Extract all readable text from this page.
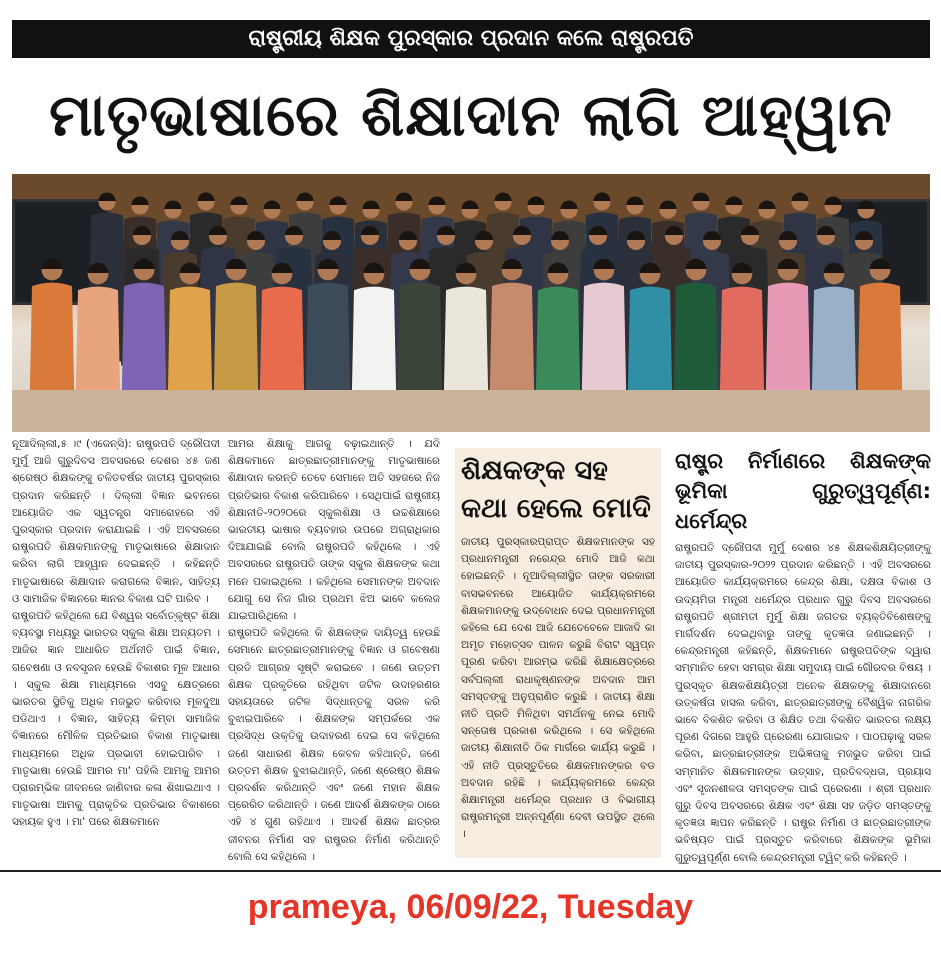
ରାଷ୍ଟ୍ରୀୟ ଶିକ୍ଷକ ପୁରସ୍କାର ପ୍ରଦାନ କଲେ ରାଷ୍ଟ୍ରପତି
ମାତୃଭାଷାରେ ଶିକ୍ଷାଦାନ ଲାଗି ଆହ୍ୱାନ

ନୂଆଦିଲ୍ଲୀ,୫ ।୯ (ଏଜେନ୍ସି): ରାଷ୍ଟ୍ରପତି ଦ୍ରୌପଦୀ ମୁର୍ମୁ ଆଜି ଗୁରୁଦିବସ ଅବସରରେ ଦେଶର ୪୫ ଜଣ ଶ୍ରେଷ୍ଠ ଶିକ୍ଷକଙ୍କୁ ଚଳିତବର୍ଷର ଜାତୀୟ ପୁରସ୍କାର ପ୍ରଦାନ କରିଛନ୍ତି । ଦିଲ୍ଲୀ ବିଜ୍ଞାନ ଭବନରେ ଆୟୋଜିତ ଏକ ସ୍ୱତନ୍ତ୍ର ସମାରୋହରେ ଏହି ପୁରସ୍କାର ପ୍ରଦାନ କରାଯାଇଛି । ଏହି ଅବସରରେ ରାଷ୍ଟ୍ରପତି ଶିକ୍ଷକମାନଙ୍କୁ ମାତୃଭାଷାରେ ଶିକ୍ଷାଦାନ କରିବା ଲାଗି ଆହ୍ୱାନ ଦେଇଛନ୍ତି । କହିଛନ୍ତି ମାତୃଭାଷାରେ ଶିକ୍ଷାଦାନ କରାଗଲେ ବିଜ୍ଞାନ, ସାହିତ୍ୟ ଓ ସାମାଜିକ ବିଜ୍ଞାନରେ ଜ୍ଞାନର ବିକାଶ ଘଟି ପାରିବ ।

ରାଷ୍ଟ୍ରପତି କହିଥିଲେ ଯେ ବିଶ୍ୱର ସର୍ବୋତ୍କୃଷ୍ଟ ଶିକ୍ଷା ବ୍ୟବସ୍ଥା ମଧ୍ୟରୁ ଭାରତର ସ୍କୁଲ ଶିକ୍ଷା ଅନ୍ୟତମ । ଆଜିର ଜ୍ଞାନ ଆଧାରିତ ଅର୍ଥନୀତି ପାଇଁ ବିଜ୍ଞାନ, ଗବେଷଣା ଓ ନବସୃଜନ ହେଉଛି ବିକାଶର ମୂଳ ଆଧାର । ସ୍କୁଲ ଶିକ୍ଷା ମାଧ୍ୟମରେ ଏସବୁ କ୍ଷେତ୍ରରେ ଭାରତର ସ୍ଥିତିକୁ ଅଧିକ ମଜଭୁତ କରିବାର ମୂଳଦୁଆ ପଡିଥାଏ । ବିଜ୍ଞାନ, ସାହିତ୍ୟ କିମ୍ବା ସାମାଜିକ ବିଜ୍ଞାନରେ ମୌଳିକ ପ୍ରତିଭାର ବିକାଶ ମାତୃଭାଷା ମାଧ୍ୟମରେ ଅଧିକ ପ୍ରଭାବୀ ହୋଇପାରିବ । ମାତୃଭାଷା ହେଉଛି ଆମର ମା' ପହିଲି ଆମକୁ ଆମର ପ୍ରାରମ୍ଭିକ ଜୀବନରେ ଜାଣିବାର କଳା ଶିଖାଇଥାଏ । ମାତୃଭାଷା ଆମକୁ ପ୍ରାକୃତିକ ପ୍ରତିଭାର ବିକାଶରେ ସହାୟକ ହୁଏ । ମା' ପରେ ଶିକ୍ଷକମାନେ

ଆମର ଶିକ୍ଷାକୁ ଆଗକୁ ବଢ଼ାଇଥାନ୍ତି । ଯଦି ଶିକ୍ଷକମାନେ ଛାତ୍ରଛାତ୍ରୀମାନଙ୍କୁ ମାତୃଭାଷାରେ ଶିକ୍ଷାଦାନ କରନ୍ତି ତେବେ ସେମାନେ ଅତି ସହଜରେ ନିଜ ପ୍ରତିଭାର ବିକାଶ କରିପାରିବେ । ସେଥିପାଇଁ ରାଷ୍ଟ୍ରୀୟ ଶିକ୍ଷାନୀତି-୨୦୨୦ରେ ସ୍କୁଲଶିକ୍ଷା ଓ ଉଚ୍ଚଶିକ୍ଷାରେ ଭାରତୀୟ ଭାଷାର ବ୍ୟବହାର ଉପରେ ଅଗ୍ରାଧିକାର ଦିଆଯାଇଛି ବୋଲି ରାଷ୍ଟ୍ରପତି କହିଥିଲେ । ଏହି ଅବସରରେ ରାଷ୍ଟ୍ରପତି ତାଙ୍କ ସ୍କୁଲ ଶିକ୍ଷକଙ୍କ କଥା ମନେ ପକାଇଥିଲେ । କହିଥିଲେ ସେମାନଙ୍କ ଅବଦାନ ଯୋଗୁ ସେ ନିଜ ଗାଁର ପ୍ରଥମ ଝିଅ ଭାବେ କଲେଜ ଯାଇପାରିଥିଲେ ।

ରାଷ୍ଟ୍ରପତି କହିଥିଲେ କି ଶିକ୍ଷକଙ୍କ ଦାୟିତ୍ୱ ହେଉଛି ସେମାନେ ଛାତ୍ରଛାତ୍ରୀମାନଙ୍କୁ ବିଜ୍ଞାନ ଓ ଗବେଷଣା ପ୍ରତି ଆଗ୍ରହ ସୃଷ୍ଟି କରାଇବେ । ଜଣେ ଉତ୍ତମ ଶିକ୍ଷକ ପ୍ରକୃତିରେ ରହିଥିବା ଜଟିଳ ଉଦାହରଣର ସହାୟତାରେ ଜଟିଳ ସିଦ୍ଧାନ୍ତକୁ ସରଳ କରି ବୁଝାଇପାରିବେ । ଶିକ୍ଷକଙ୍କ ସମ୍ପର୍କରେ ଏକ ପ୍ରସିଦ୍ଧ ଉକ୍ତିକୁ ଉଦାହରଣ ଦେଇ ସେ କହିଥିଲେ ଜଣେ ସାଧାରଣ ଶିକ୍ଷକ କେବଳ କହିଥାନ୍ତି, ଜଣେ ଉତ୍ତମ ଶିକ୍ଷକ ବୁଝାଇଥାନ୍ତି, ଜଣେ ଶ୍ରେଷ୍ଠ ଶିକ୍ଷକ ପ୍ରଦର୍ଶନ କରିଥାନ୍ତି ଏବଂ ଜଣେ ମହାନ ଶିକ୍ଷକ ପ୍ରେରିତ କରିଥାନ୍ତି । ଜଣେ ଆଦର୍ଶ ଶିକ୍ଷକଙ୍କ ଠାରେ ଏହି ୪ ଗୁଣ ରହିଥାଏ । ଆଦର୍ଶ ଶିକ୍ଷକ ଛାତ୍ରର ଜୀବନର ନିର୍ମାଣ ସହ ରାଷ୍ଟ୍ରର ନିର୍ମାଣ କରିଥାନ୍ତି ବୋଲି ସେ କହିଥିଲେ ।

ରାଷ୍ଟ୍ର ନିର୍ମାଣରେ ଶିକ୍ଷକଙ୍କ ଭୂମିକା ଗୁରୁତ୍ୱପୂର୍ଣ୍ଣ: ଧର୍ମେନ୍ଦ୍ର

ରାଷ୍ଟ୍ରପତି ଦ୍ରୌପଦୀ ମୁର୍ମୁ ଦେଶର ୪୫ ଶିକ୍ଷକଶିକ୍ଷୟିତ୍ରୀଙ୍କୁ ଜାତୀୟ ପୁରସ୍କାର-୨୦୨୨ ପ୍ରଦାନ କରିଛନ୍ତି । ଏହି ଅବସରରେ ଆୟୋଜିତ କାର୍ଯ୍ୟକ୍ରମରେ କେନ୍ଦ୍ର ଶିକ୍ଷା, ଦକ୍ଷତା ବିକାଶ ଓ ଉଦ୍ୟମିତା ମନ୍ତ୍ରୀ ଧର୍ମେନ୍ଦ୍ର ପ୍ରଧାନ ଗୁରୁ ଦିବସ ଅବସରରେ ରାଷ୍ଟ୍ରପତି ଶ୍ରୀମତୀ ମୁର୍ମୁ ଶିକ୍ଷା ଜଗତର ବ୍ୟକ୍ତିବିଶେଷଙ୍କୁ ମାର୍ଗଦର୍ଶନ ଦେଇଥିବାରୁ ତାଙ୍କୁ କୃତଜ୍ଞତା ଜଣାଇଛନ୍ତି । କେନ୍ଦ୍ରମନ୍ତ୍ରୀ କହିଛନ୍ତି, ଶିକ୍ଷକମାନେ ରାଷ୍ଟ୍ରପତିଙ୍କ ଦ୍ୱାରା ସମ୍ମାନିତ ହେବା ସମଗ୍ର ଶିକ୍ଷା ସମୁଦାୟ ପାଇଁ ଗୌରବର ବିଷୟ । ପୁରସ୍କୃତ ଶିକ୍ଷକଶିକ୍ଷୟିତ୍ରୀ ଅନେକ ଶିକ୍ଷକଙ୍କୁ ଶିକ୍ଷାଦାନରେ ଉତ୍କର୍ଷତା ହାସଲ କରିବା, ଛାତ୍ରଛାତ୍ରୀଙ୍କୁ ବୈଶ୍ୱିକ ନାଗରିକ ଭାବେ ବିକଶିତ କରିବା ଓ ଶିକ୍ଷିତ ତଥା ବିକଶିତ ଭାରତର ଲକ୍ଷ୍ୟ ପୂରଣ ଦିଗରେ ଆହୁରି ପ୍ରେରଣା ଯୋଗାଇବ । ପାଠପଢ଼ାକୁ ସରଳ କରିବା, ଛାତ୍ରଛାତ୍ରୀଙ୍କ ଅଭିଜ୍ଞତାକୁ ମଜଭୁତ କରିବା ପାଇଁ ସମ୍ମାନିତ ଶିକ୍ଷକମାନଙ୍କ ଉତ୍ସାହ, ପ୍ରତିବଦ୍ଧତା, ପ୍ରୟାସ ଏବଂ ସୃଜନଶୀଳତା ସମସ୍ତଙ୍କ ପାଇଁ ପ୍ରେରଣା । ଶ୍ରୀ ପ୍ରଧାନ ଗୁରୁ ଦିବସ ଅବସରରେ ଶିକ୍ଷକ ଏବଂ ଶିକ୍ଷା ସହ ଜଡ଼ିତ ସମସ୍ତଙ୍କୁ କୃତଜ୍ଞତା ଜ୍ଞାପନ କରିଛନ୍ତି । ରାଷ୍ଟ୍ର ନିର୍ମାଣ ଓ ଛାତ୍ରଛାତ୍ରୀଙ୍କ ଭବିଷ୍ୟତ ପାଇଁ ପ୍ରସ୍ତୁତ କରିବାରେ ଶିକ୍ଷକଙ୍କ ଭୂମିକା ଗୁରୁତ୍ୱପୂର୍ଣ୍ଣ ବୋଲି କେନ୍ଦ୍ରମନ୍ତ୍ରୀ ଟ୍ୱିଟ୍ କରି କହିଛନ୍ତି ।

ଶିକ୍ଷକଙ୍କ ସହ କଥା ହେଲେ ମୋଦି

ଜାତୀୟ ପୁରସ୍କାରପ୍ରାପ୍ତ ଶିକ୍ଷକମାନଙ୍କ ସହ ପ୍ରଧାନମନ୍ତ୍ରୀ ନରେନ୍ଦ୍ର ମୋଦି ଆଜି କଥା ହୋଇଛନ୍ତି । ନୂଆଦିଲ୍ଲୀସ୍ଥିତ ତାଙ୍କ ସରକାରୀ ବାସଭବନରେ ଆୟୋଜିତ କାର୍ଯ୍ୟକ୍ରମରେ ଶିକ୍ଷକମାନଙ୍କୁ ଉଦ୍‌ବୋଧନ ଦେଇ ପ୍ରଧାନମନ୍ତ୍ରୀ କହିଲେ ଯେ ଦେଶ ଆଜି ଯେତେବେଳେ ଆଜାଦି କା ଅମୃତ ମହୋତ୍ସବ ପାଳନ କରୁଛି ବିରାଟ ସ୍ୱପ୍ନ ପୂରଣ କରିବା ଆରମ୍ଭ କରିଛି ଶିକ୍ଷାକ୍ଷେତ୍ରରେ ସର୍ବପଲ୍ଲୀ ରାଧାକୃଷ୍ଣନଙ୍କ ଅବଦାନ ଆମ ସମସ୍ତଙ୍କୁ ଅନୁପ୍ରାଣିତ କରୁଛି । ଜାତୀୟ ଶିକ୍ଷା ନୀତି ପ୍ରତି ମିଳିଥିବା ସମର୍ଥନକୁ ନେଇ ମୋଦି ସନ୍ତୋଷ ପ୍ରକାଶ କରିଥିଲେ । ସେ କହିଥିଲେ ଜାତୀୟ ଶିକ୍ଷାନୀତି ଠିକ ମାର୍ଗରେ କାର୍ଯ୍ୟ କରୁଛି । ଏହି ନୀତି ପ୍ରସ୍ତୁତିରେ ଶିକ୍ଷକମାନଙ୍କର ବଡ ଅବଦାନ ରହିଛି । କାର୍ଯ୍ୟକ୍ରମରେ କେନ୍ଦ୍ର ଶିକ୍ଷାମନ୍ତ୍ରୀ ଧର୍ମେନ୍ଦ୍ର ପ୍ରଧାନ ଓ ବିଭାଗୀୟ ରାଷ୍ଟ୍ରମନ୍ତ୍ରୀ ଅନ୍ନପୂର୍ଣ୍ଣା ଦେବୀ ଉପସ୍ଥିତ ଥିଲେ ।

prameya, 06/09/22, Tuesday
